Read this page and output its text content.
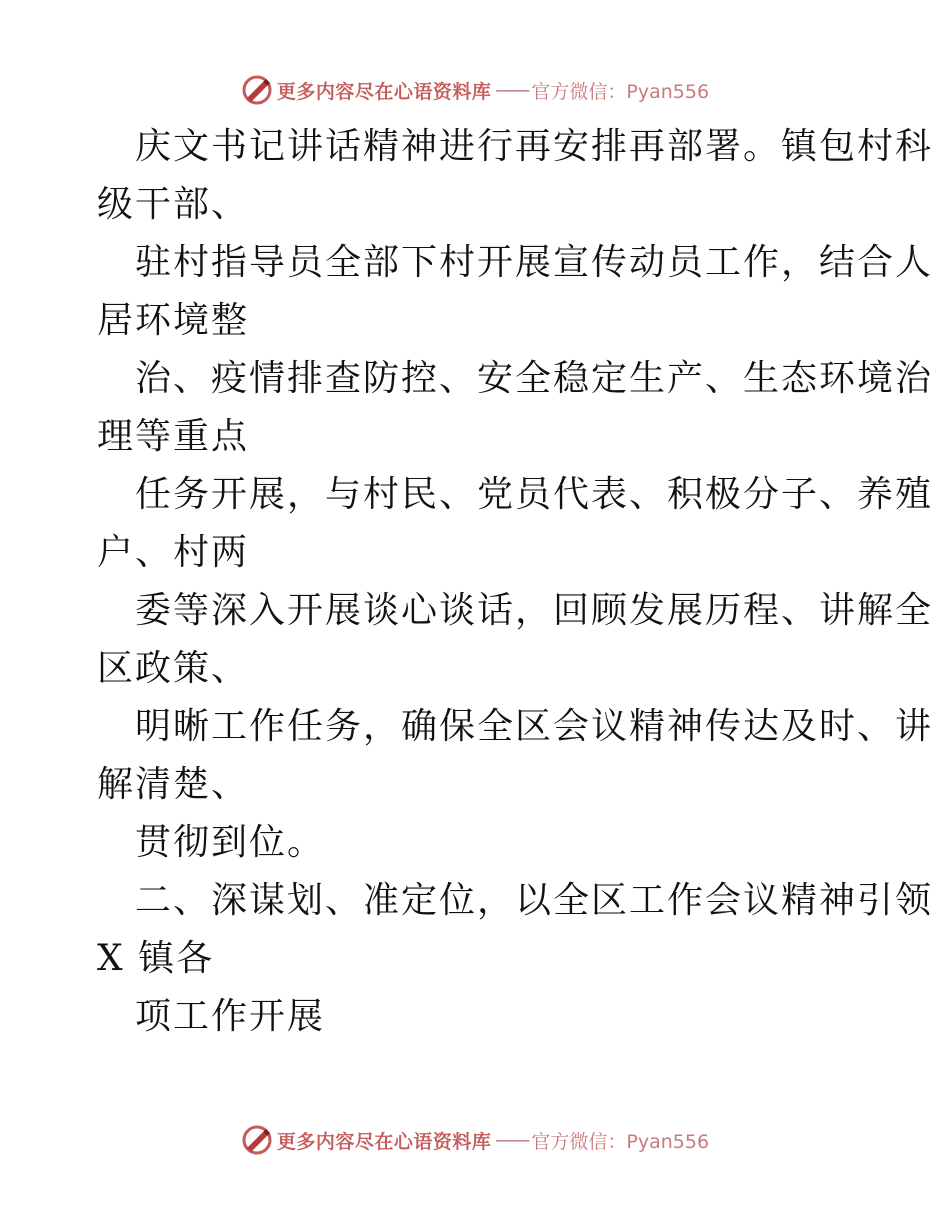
更多内容尽在心语资料库 —— 官方微信：Pyan556
庆文书记讲话精神进行再安排再部署。镇包村科
级干部、
驻村指导员全部下村开展宣传动员工作，结合人
居环境整
治、疫情排查防控、安全稳定生产、生态环境治
理等重点
任务开展，与村民、党员代表、积极分子、养殖
户、村两
委等深入开展谈心谈话，回顾发展历程、讲解全
区政策、
明晰工作任务，确保全区会议精神传达及时、讲
解清楚、
贯彻到位。
二、深谋划、准定位，以全区工作会议精神引领
X 镇各
项工作开展
更多内容尽在心语资料库 —— 官方微信：Pyan556
